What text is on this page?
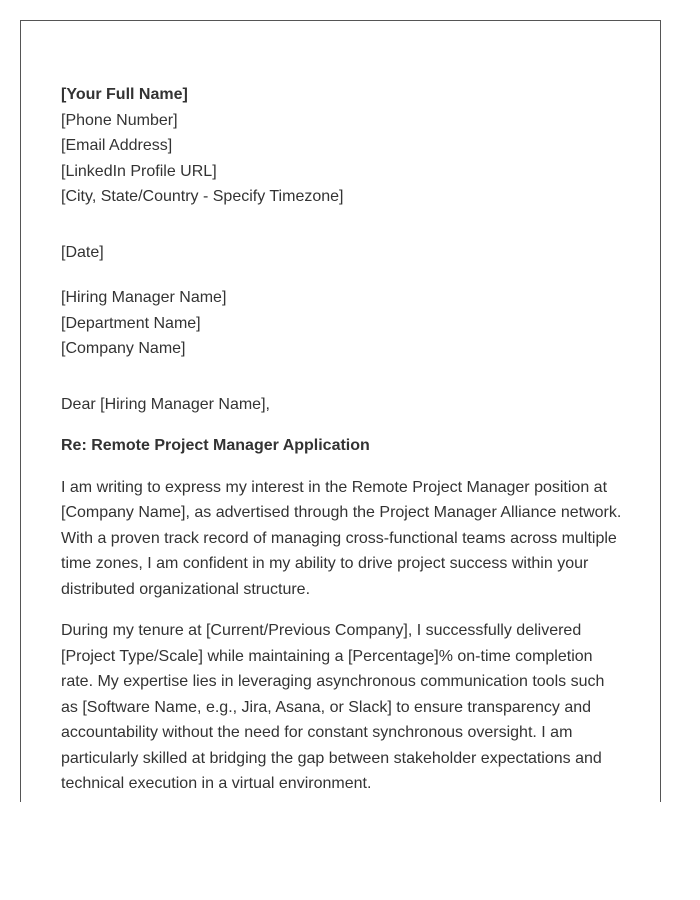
[Your Full Name]
[Phone Number]
[Email Address]
[LinkedIn Profile URL]
[City, State/Country - Specify Timezone]
[Date]
[Hiring Manager Name]
[Department Name]
[Company Name]
Dear [Hiring Manager Name],
Re: Remote Project Manager Application

I am writing to express my interest in the Remote Project Manager position at [Company Name], as advertised through the Project Manager Alliance network. With a proven track record of managing cross-functional teams across multiple time zones, I am confident in my ability to drive project success within your distributed organizational structure.

During my tenure at [Current/Previous Company], I successfully delivered [Project Type/Scale] while maintaining a [Percentage]% on-time completion rate. My expertise lies in leveraging asynchronous communication tools such as [Software Name, e.g., Jira, Asana, or Slack] to ensure transparency and accountability without the need for constant synchronous oversight. I am particularly skilled at bridging the gap between stakeholder expectations and technical execution in a virtual environment.
